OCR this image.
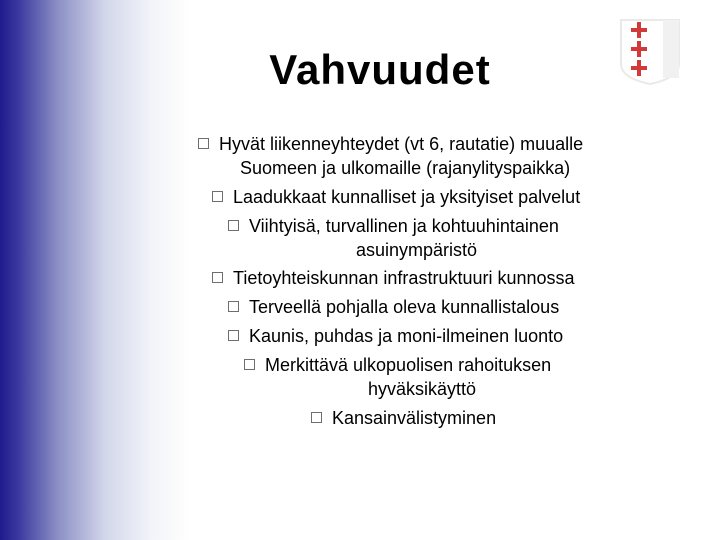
Vahvuudet
Hyvät liikenneyhteydet (vt 6, rautatie) muualle
Suomeen ja ulkomaille (rajanylityspaikka)
Laadukkaat kunnalliset ja yksityiset palvelut
Viihtyisä, turvallinen ja kohtuuhintainen
asuinympäristö
Tietoyhteiskunnan infrastruktuuri kunnossa
Terveellä pohjalla oleva kunnallistalous
Kaunis, puhdas ja moni-ilmeinen luonto
Merkittävä ulkopuolisen rahoituksen
hyväksikäyttö
Kansainvälistyminen
